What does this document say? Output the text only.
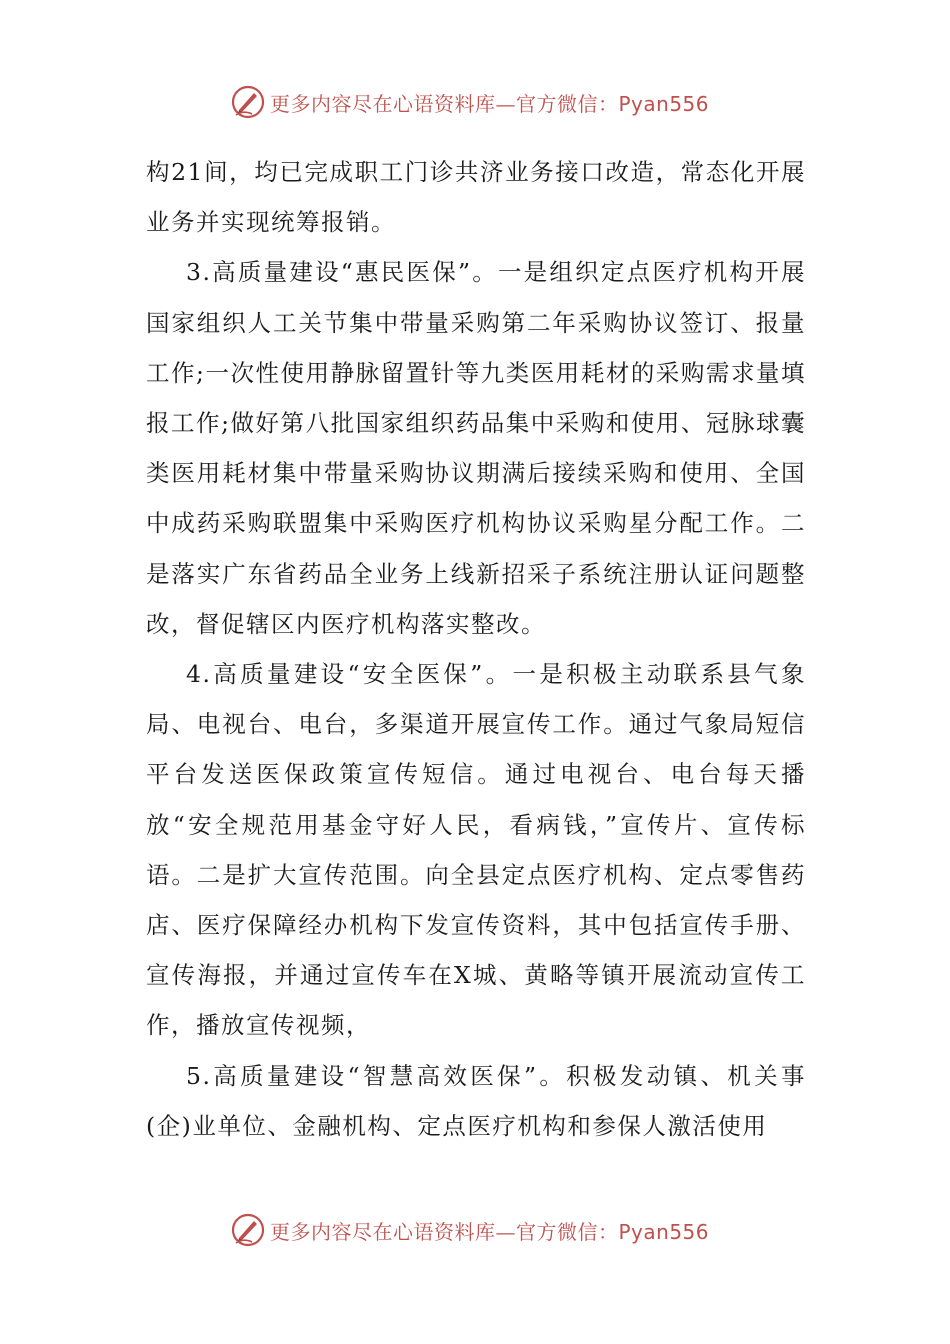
更多内容尽在心语资料库—官方微信：Pyan556

构21间，均已完成职工门诊共济业务接口改造，常态化开展业务并实现统筹报销。

3.高质量建设“惠民医保”。一是组织定点医疗机构开展国家组织人工关节集中带量采购第二年采购协议签订、报量工作;一次性使用静脉留置针等九类医用耗材的采购需求量填报工作;做好第八批国家组织药品集中采购和使用、冠脉球囊类医用耗材集中带量采购协议期满后接续采购和使用、全国中成药采购联盟集中采购医疗机构协议采购星分配工作。二是落实广东省药品全业务上线新招采子系统注册认证问题整改，督促辖区内医疗机构落实整改。

4.高质量建设“安全医保”。一是积极主动联系县气象局、电视台、电台，多渠道开展宣传工作。通过气象局短信平台发送医保政策宣传短信。通过电视台、电台每天播放“安全规范用基金守好人民，看病钱，”宣传片、宣传标语。二是扩大宣传范围。向全县定点医疗机构、定点零售药店、医疗保障经办机构下发宣传资料，其中包括宣传手册、宣传海报，并通过宣传车在X城、黄略等镇开展流动宣传工作，播放宣传视频，

5.高质量建设“智慧高效医保”。积极发动镇、机关事(企)业单位、金融机构、定点医疗机构和参保人激活使用

更多内容尽在心语资料库—官方微信：Pyan556
